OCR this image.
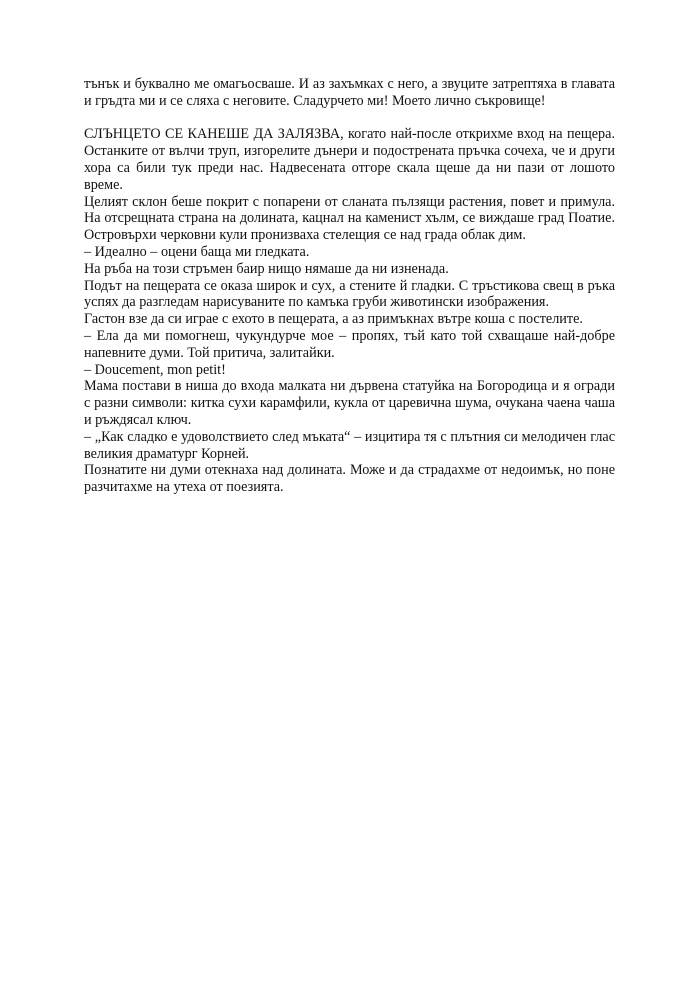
тънък и буквално ме омагьосваше. И аз захъмках с него, а звуците затрептяха в главата и гръдта ми и се сляха с неговите. Сладурчето ми! Моето лично съкровище!

СЛЪНЦЕТО СЕ КАНЕШЕ ДА ЗАЛЯЗВА, когато най-после открихме вход на пещера. Останките от вълчи труп, изгорелите дънери и подострената пръчка сочеха, че и други хора са били тук преди нас. Надвесената отгоре скала щеше да ни пази от лошото време.

Целият склон беше покрит с попарени от сланата пълзящи растения, повет и примула. На отсрещната страна на долината, кацнал на каменист хълм, се виждаше град Поатие. Островърхи черковни кули пронизваха стелещия се над града облак дим.

– Идеално – оцени баща ми гледката.

На ръба на този стръмен баир нищо нямаше да ни изненада.

Подът на пещерата се оказа широк и сух, а стените й гладки. С тръстикова свещ в ръка успях да разгледам нарисуваните по камъка груби животински изображения.

Гастон взе да си играе с ехото в пещерата, а аз примъкнах вътре коша с постелите.

– Ела да ми помогнеш, чукундурче мое – пропях, тъй като той схващаше най-добре напевните думи. Той притича, залитайки.

– Doucement, mon petit!

Мама постави в ниша до входа малката ни дървена статуйка на Богородица и я огради с разни символи: китка сухи карамфили, кукла от царевична шума, очукана чаена чаша и ръждясал ключ.

– „Как сладко е удоволствието след мъката“ – изцитира тя с плътния си мелодичен глас великия драматург Корней.

Познатите ни думи отекнаха над долината. Може и да страдахме от недоимък, но поне разчитахме на утеха от поезията.
